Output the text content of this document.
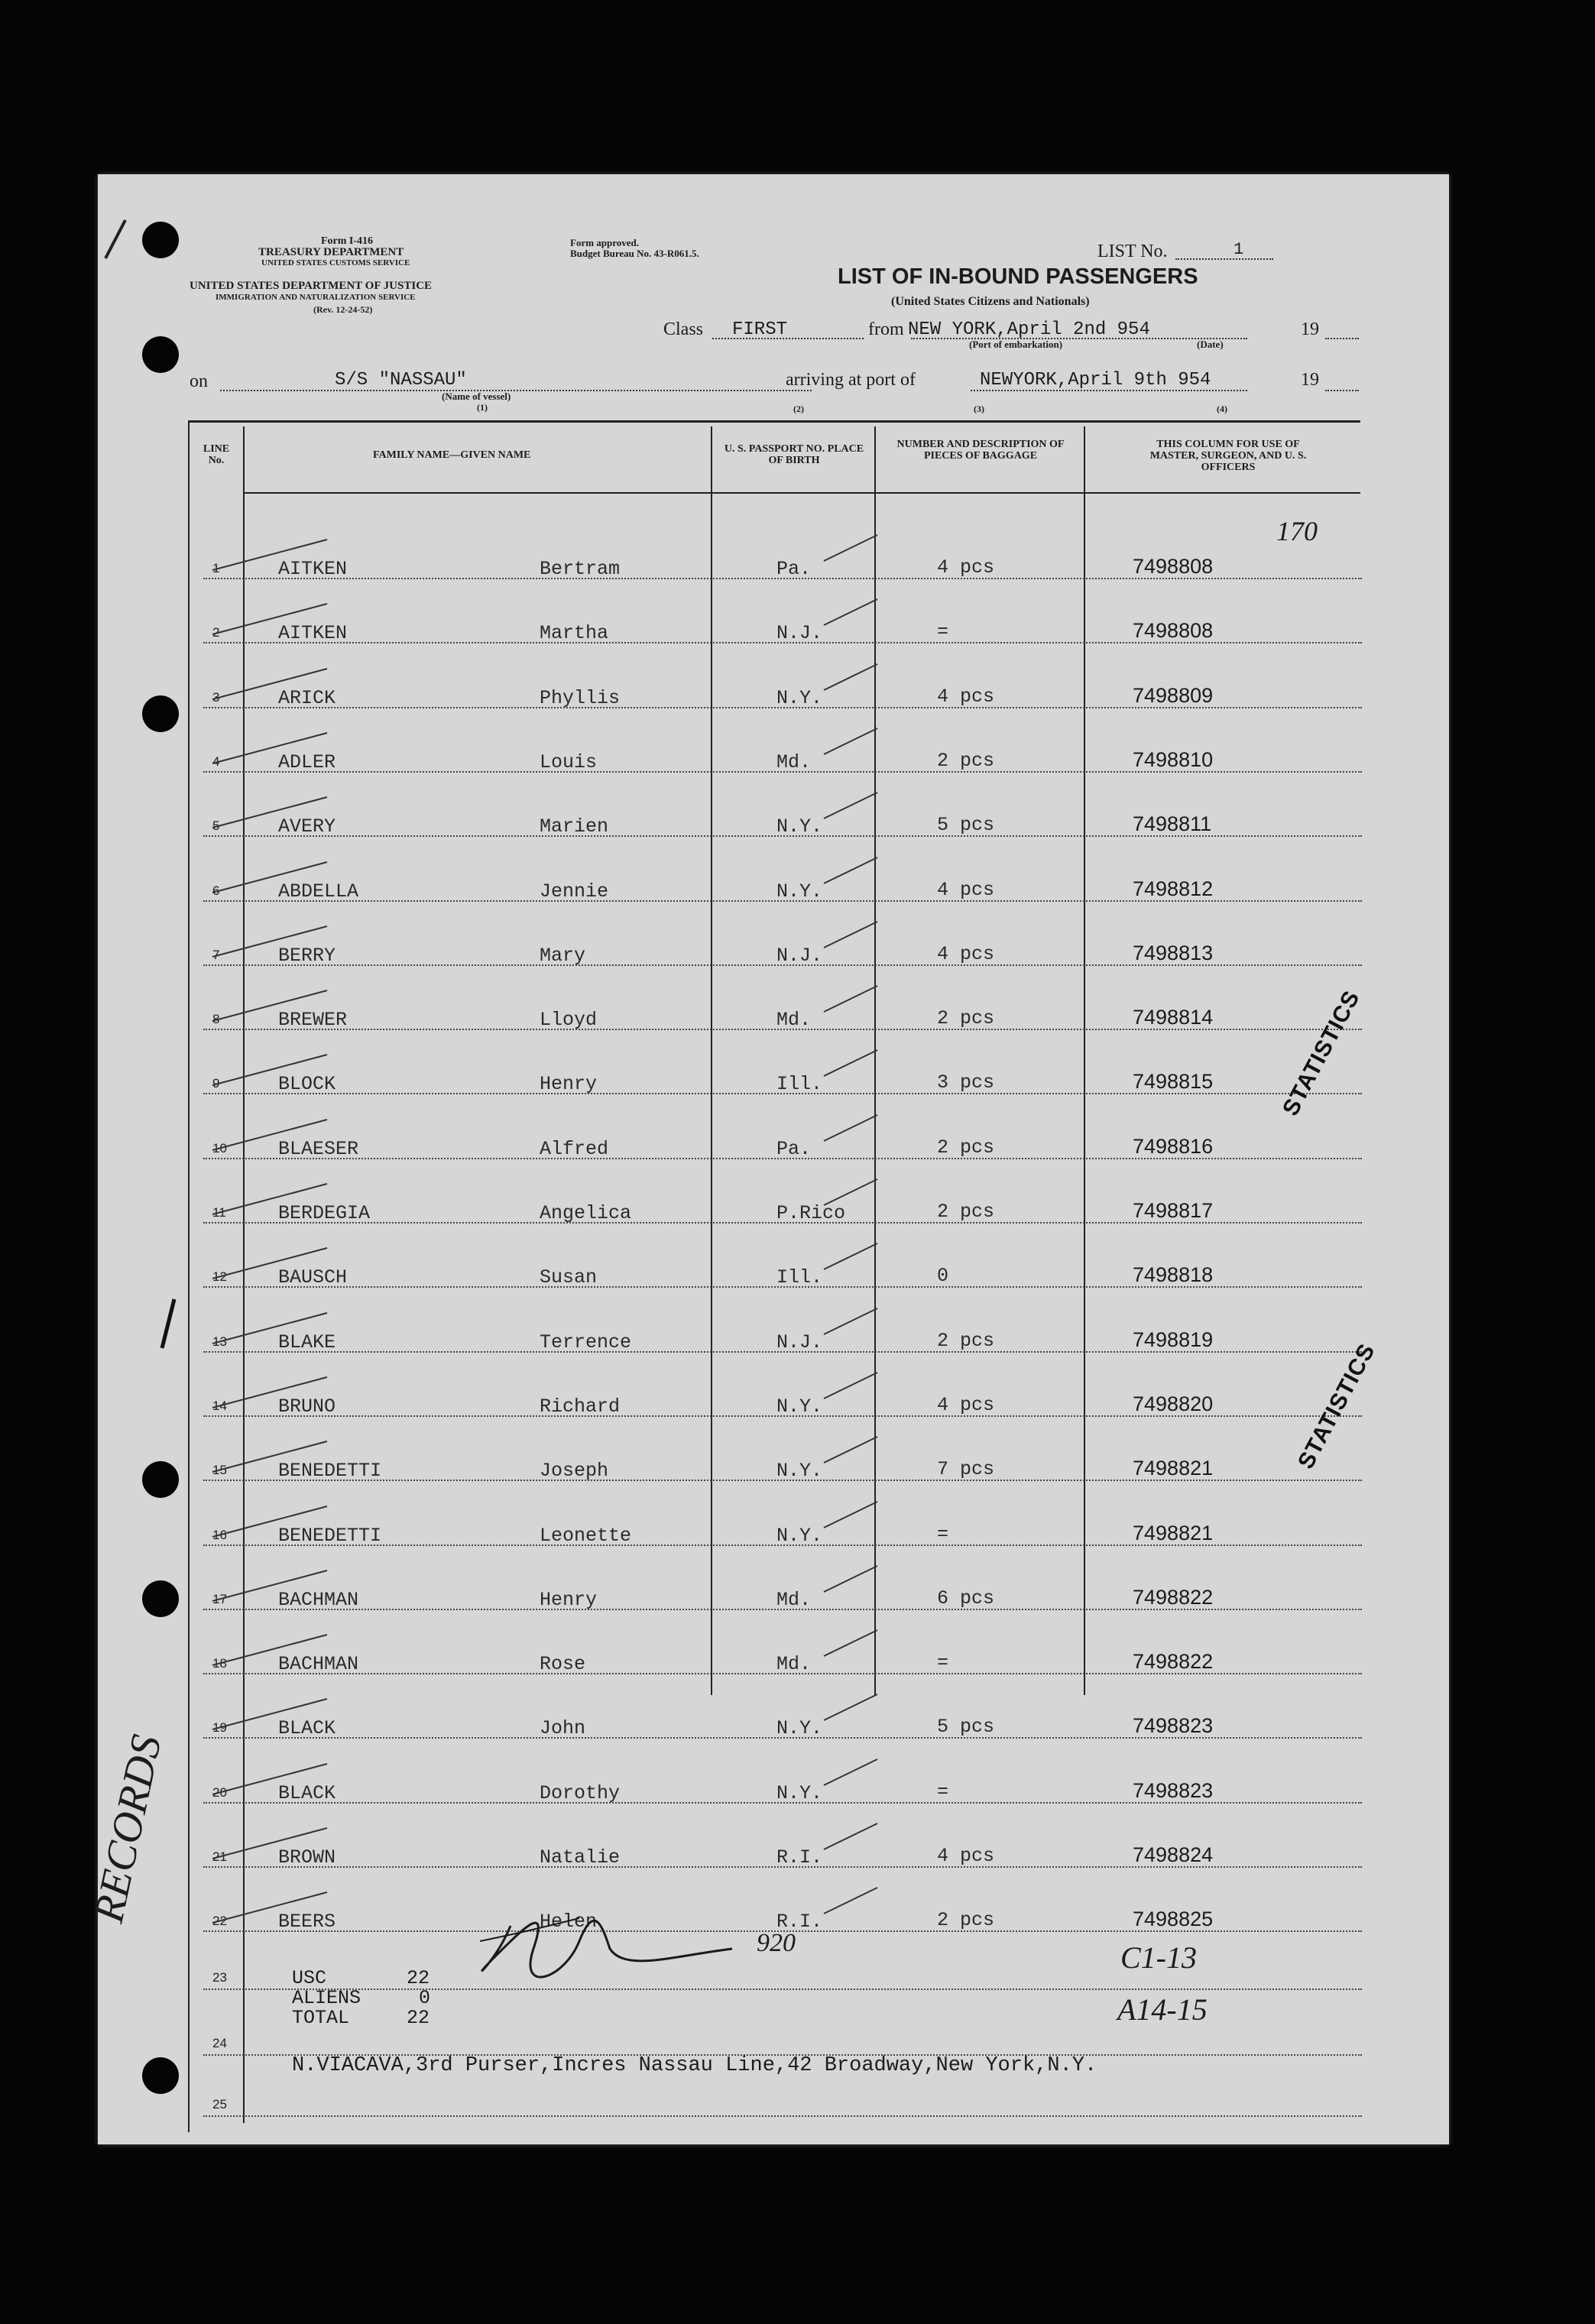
Form I-416
TREASURY DEPARTMENT
UNITED STATES CUSTOMS SERVICE
UNITED STATES DEPARTMENT OF JUSTICE
IMMIGRATION AND NATURALIZATION SERVICE
(Rev. 12-24-52)
Form approved.
Budget Bureau No. 43-R061.5.
LIST OF IN-BOUND PASSENGERS
(United States Citizens and Nationals)
LIST No.	1
Class FIRST	from NEW YORK,April 2nd 954	19
(Port of embarkation)	(Date)
on	S/S "NASSAU"
(Name of vessel)
arriving at port of	NEWYORK,April 9th 954	19
(1)	(2)	(3)	(4)
LINE No.	FAMILY NAME—GIVEN NAME
U. S. PASSPORT NO. PLACE OF BIRTH
NUMBER AND DESCRIPTION OF PIECES OF BAGGAGE
THIS COLUMN FOR USE OF MASTER, SURGEON, AND U. S. OFFICERS
1	AITKEN	Bertram	Pa.	4 pcs	7498808
2	AITKEN	Martha	N.J.	=	7498808
3	ARICK	Phyllis	N.Y.	4 pcs	7498809
4	ADLER	Louis	Md.	2 pcs	7498810
5	AVERY	Marien	N.Y.	5 pcs	7498811
6	ABDELLA	Jennie	N.Y.	4 pcs	7498812
7	BERRY	Mary	N.J.	4 pcs	7498813
8	BREWER	Lloyd	Md.	2 pcs	7498814
9	BLOCK	Henry	Ill.	3 pcs	7498815
10	BLAESER	Alfred	Pa.	2 pcs	7498816
11	BERDEGIA	Angelica	P.Rico	2 pcs	7498817
12	BAUSCH	Susan	Ill.	0	7498818
13	BLAKE	Terrence	N.J.	2 pcs	7498819
14	BRUNO	Richard	N.Y.	4 pcs	7498820
15	BENEDETTI	Joseph	N.Y.	7 pcs	7498821
16	BENEDETTI	Leonette	N.Y.	=	7498821
17	BACHMAN	Henry	Md.	6 pcs	7498822
18	BACHMAN	Rose	Md.	=	7498822
19	BLACK	John	N.Y.	5 pcs	7498823
20	BLACK	Dorothy	N.Y.	=	7498823
21	BROWN	Natalie	R.I.	4 pcs	7498824
22	BEERS	Helen	R.I.	2 pcs	7498825
23
24
25
USC	22
ALIENS	0
TOTAL	22
N.VIACAVA,3rd Purser,Incres Nassau Line,42 Broadway,New York,N.Y.
170
C1-13
A14-15
920
RECORDS
STATISTICS
STATISTICS
